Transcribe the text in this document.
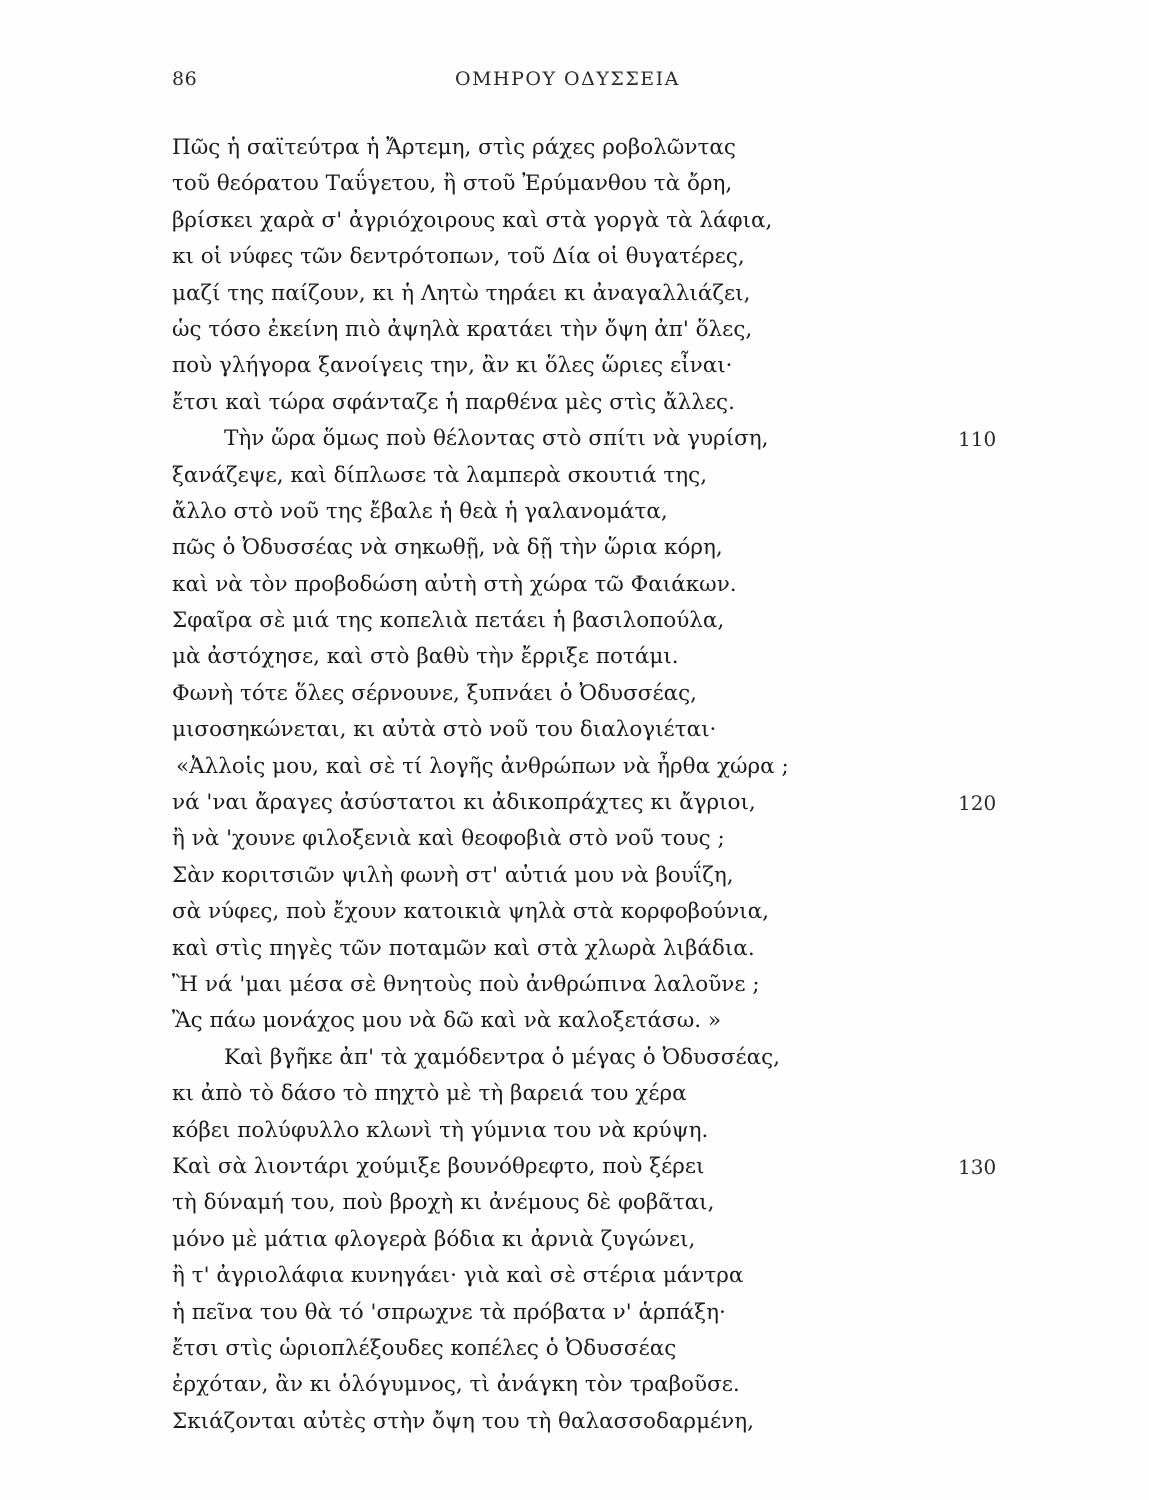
86	ΟΜΗΡΟΥ ΟΔΥΣΣΕΙΑ
Πῶς ἡ σαϊτεύτρα ἡ Ἄρτεμη, στὶς ράχες ροβολῶντας
τοῦ θεόρατου Ταΰγετου, ἢ στοῦ Ἐρύμανθου τὰ ὄρη,
βρίσκει χαρὰ σ' ἀγριόχοιρους καὶ στὰ γοργὰ τὰ λάφια,
κι οἱ νύφες τῶν δεντρότοπων, τοῦ Δία οἱ θυγατέρες,
μαζί της παίζουν, κι ἡ Λητὼ τηράει κι ἀναγαλλιάζει,
ὡς τόσο ἐκείνη πιὸ ἀψηλὰ κρατάει τὴν ὄψη ἀπ' ὅλες,
ποὺ γλήγορα ξανοίγεις την, ἂν κι ὅλες ὥριες εἶναι·
ἔτσι καὶ τώρα σφάνταζε ἡ παρθένα μὲς στὶς ἄλλες.
Τὴν ὥρα ὅμως ποὺ θέλοντας στὸ σπίτι νὰ γυρίση,	110
ξανάζεψε, καὶ δίπλωσε τὰ λαμπερὰ σκουτιά της,
ἄλλο στὸ νοῦ της ἔβαλε ἡ θεὰ ἡ γαλανομάτα,
πῶς ὁ Ὀδυσσέας νὰ σηκωθῇ, νὰ δῇ τὴν ὥρια κόρη,
καὶ νὰ τὸν προβοδώση αὐτὴ στὴ χώρα τῶ Φαιάκων.
Σφαῖρα σὲ μιά της κοπελιὰ πετάει ἡ βασιλοπούλα,
μὰ ἀστόχησε, καὶ στὸ βαθὺ τὴν ἔρριξε ποτάμι.
Φωνὴ τότε ὅλες σέρνουνε, ξυπνάει ὁ Ὀδυσσέας,
μισοσηκώνεται, κι αὐτὰ στὸ νοῦ του διαλογιέται·
«Ἀλλοἱς μου, καὶ σὲ τί λογῆς ἀνθρώπων νὰ ἦρθα χώρα ;
νά 'ναι ἄραγες ἀσύστατοι κι ἀδικοπράχτες κι ἄγριοι,	120
ἢ νὰ 'χουνε φιλοξενιὰ καὶ θεοφοβιὰ στὸ νοῦ τους ;
Σὰν κοριτσιῶν ψιλὴ φωνὴ στ' αὐτιά μου νὰ βουΐζη,
σὰ νύφες, ποὺ ἔχουν κατοικιὰ ψηλὰ στὰ κορφοβούνια,
καὶ στὶς πηγὲς τῶν ποταμῶν καὶ στὰ χλωρὰ λιβάδια.
Ἢ νά 'μαι μέσα σὲ θνητοὺς ποὺ ἀνθρώπινα λαλοῦνε ;
Ἂς πάω μονάχος μου νὰ δῶ καὶ νὰ καλοξετάσω. »
Καὶ βγῆκε ἀπ' τὰ χαμόδεντρα ὁ μέγας ὁ Ὀδυσσέας,
κι ἀπὸ τὸ δάσο τὸ πηχτὸ μὲ τὴ βαρειά του χέρα
κόβει πολύφυλλο κλωνὶ τὴ γύμνια του νὰ κρύψη.
Καὶ σὰ λιοντάρι χούμιξε βουνόθρεφτο, ποὺ ξέρει	130
τὴ δύναμή του, ποὺ βροχὴ κι ἀνέμους δὲ φοβᾶται,
μόνο μὲ μάτια φλογερὰ βόδια κι ἀρνιὰ ζυγώνει,
ἢ τ' ἀγριολάφια κυνηγάει· γιὰ καὶ σὲ στέρια μάντρα
ἡ πεῖνα του θὰ τό 'σπρωχνε τὰ πρόβατα ν' ἁρπάξη·
ἔτσι στὶς ὡριοπλέξουδες κοπέλες ὁ Ὀδυσσέας
ἐρχόταν, ἂν κι ὁλόγυμνος, τὶ ἀνάγκη τὸν τραβοῦσε.
Σκιάζονται αὐτὲς στὴν ὄψη του τὴ θαλασσοδαρμένη,
